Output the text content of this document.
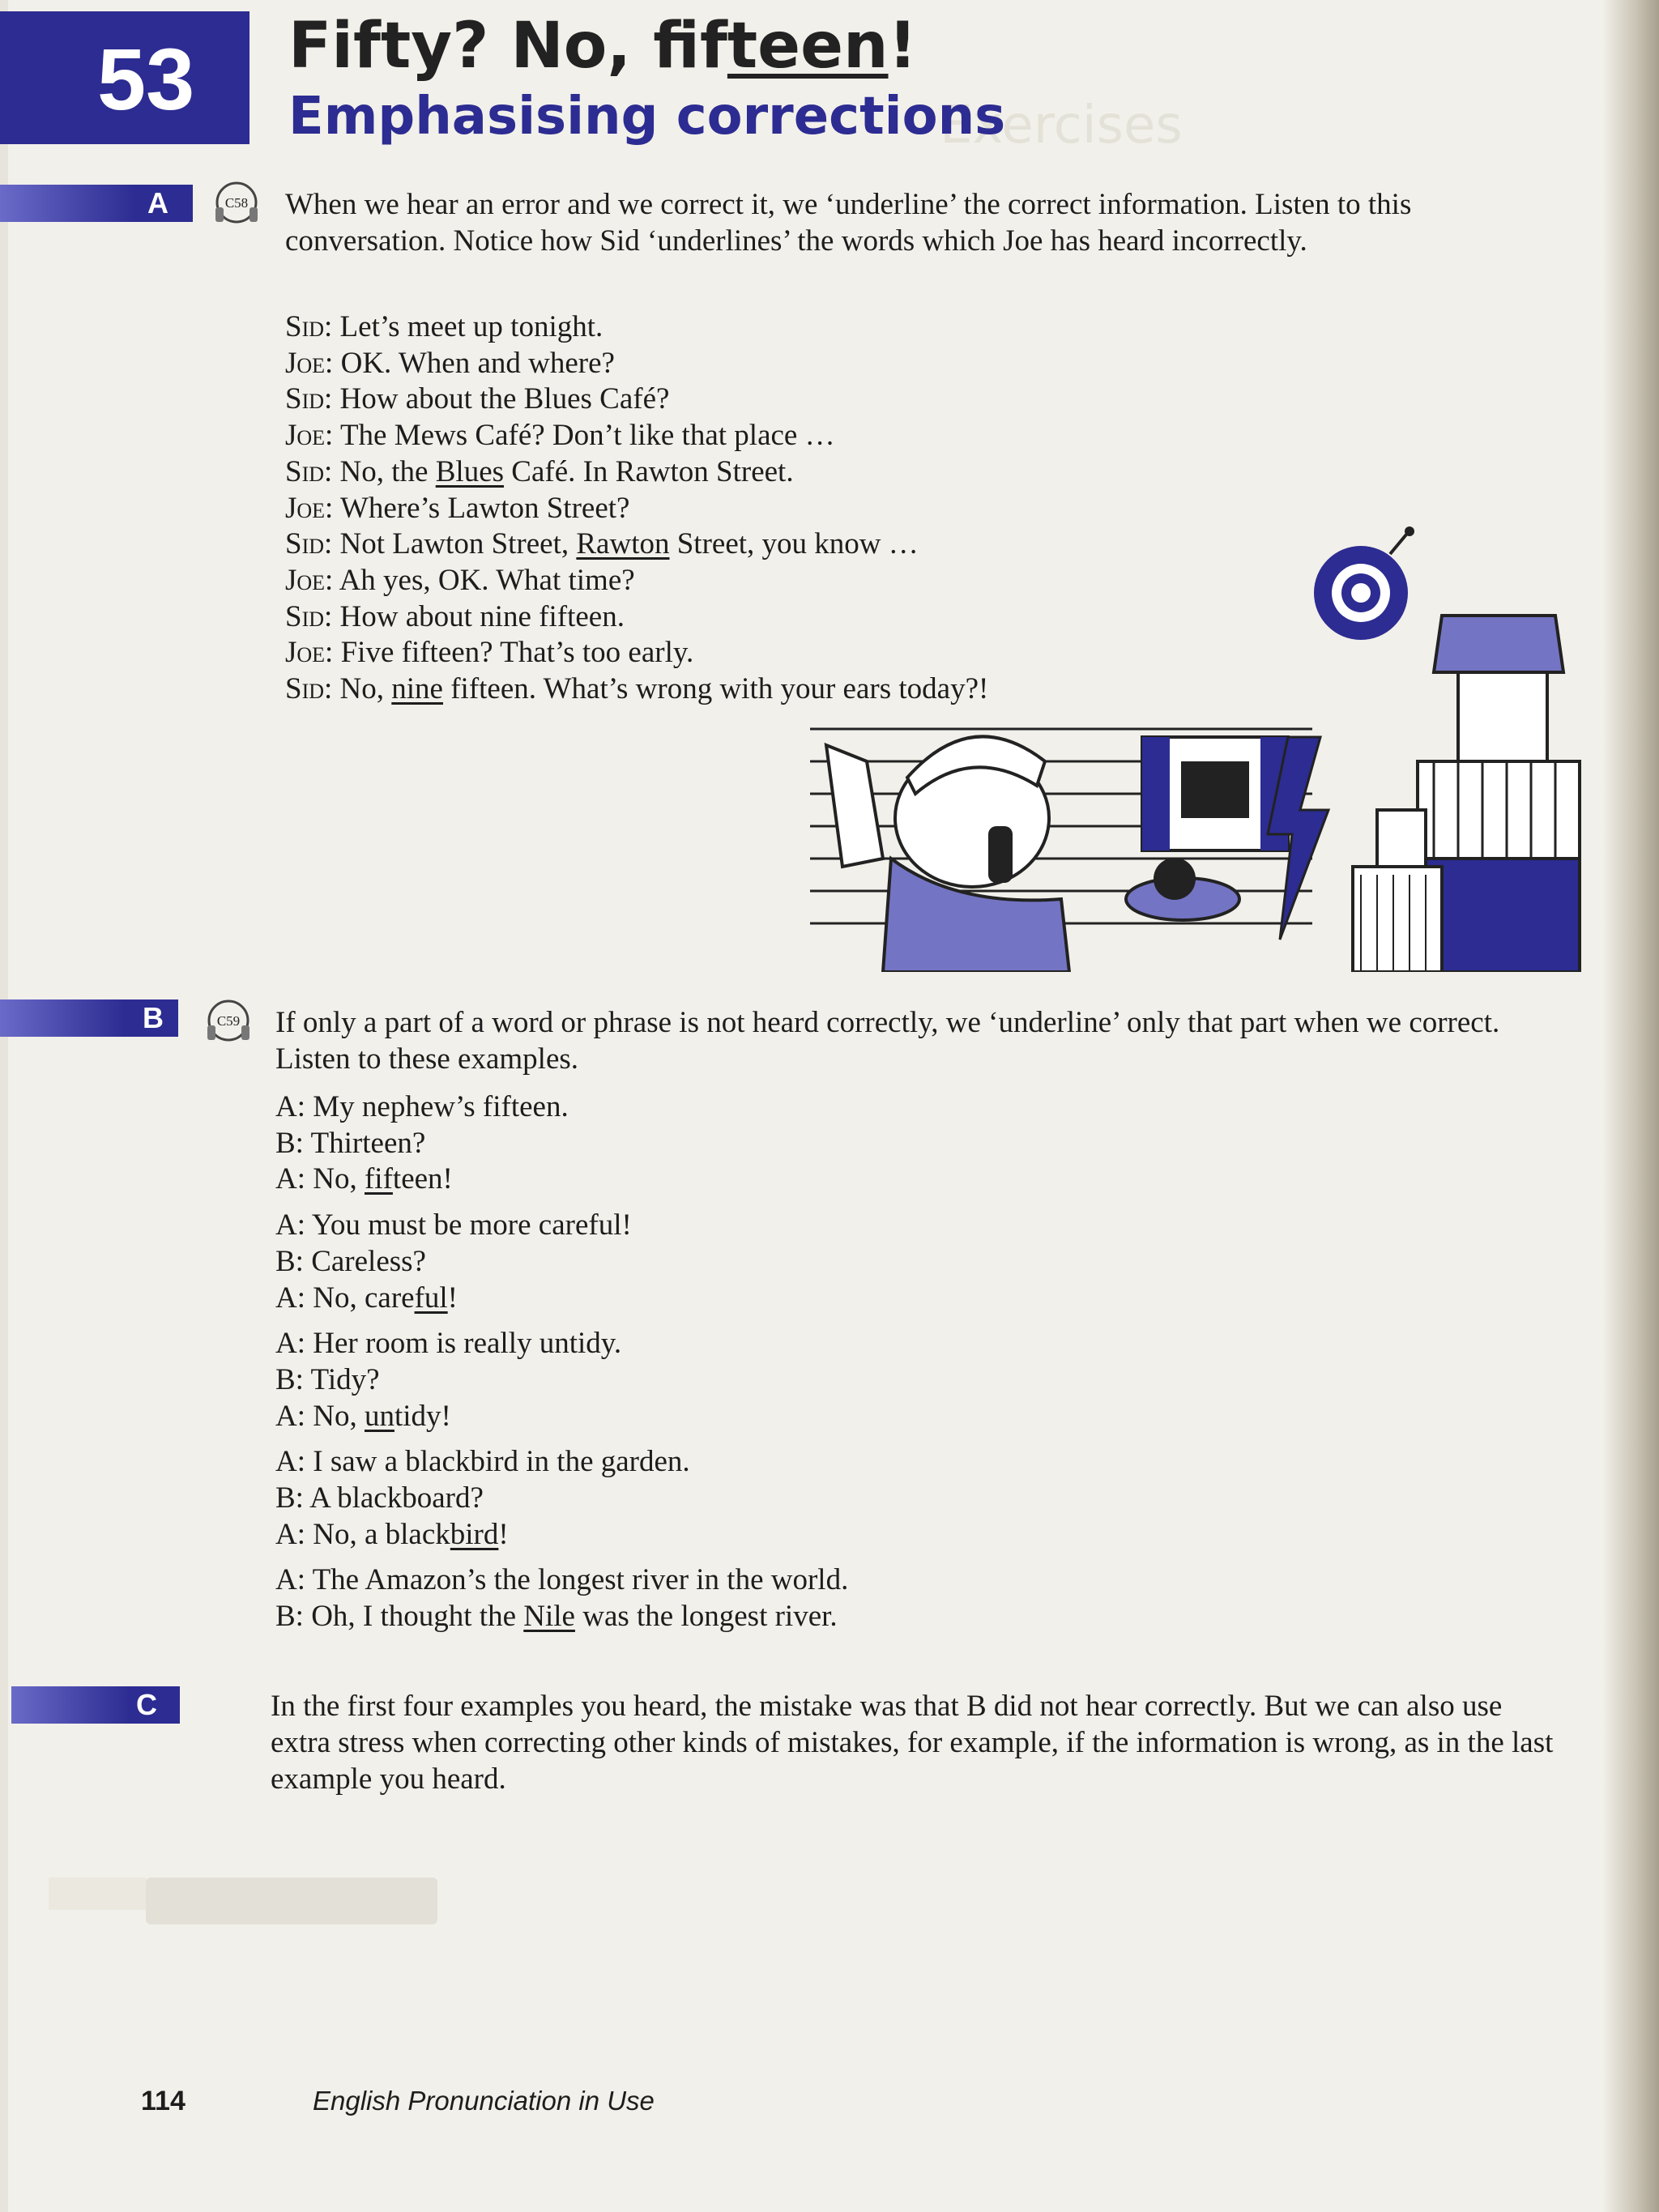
Exercises
53 Fifty? No, fifteen!
Emphasising corrections
A	C58 When we hear an error and we correct it, we ‘underline’ the correct information. Listen to this conversation. Notice how Sid ‘underlines’ the words which Joe has heard incorrectly.
Sid: Let’s meet up tonight.
Joe: OK. When and where?
Sid: How about the Blues Café?
Joe: The Mews Café? Don’t like that place …
Sid: No, the Blues Café. In Rawton Street.
Joe: Where’s Lawton Street?
Sid: Not Lawton Street, Rawton Street, you know …
Joe: Ah yes, OK. What time?
Sid: How about nine fifteen.
Joe: Five fifteen? That’s too early.
Sid: No, nine fifteen. What’s wrong with your ears today?!
B	C59 If only a part of a word or phrase is not heard correctly, we ‘underline’ only that part when we correct. Listen to these examples.
A: My nephew’s fifteen.
B: Thirteen?
A: No, fifteen!
A: You must be more careful!
B: Careless?
A: No, careful!
A: Her room is really untidy.
B: Tidy?
A: No, untidy!
A: I saw a blackbird in the garden.
B: A blackboard?
A: No, a blackbird!
A: The Amazon’s the longest river in the world.
B: Oh, I thought the Nile was the longest river.
C	In the first four examples you heard, the mistake was that B did not hear correctly. But we can also use extra stress when correcting other kinds of mistakes, for example, if the information is wrong, as in the last example you heard.
114	English Pronunciation in Use
